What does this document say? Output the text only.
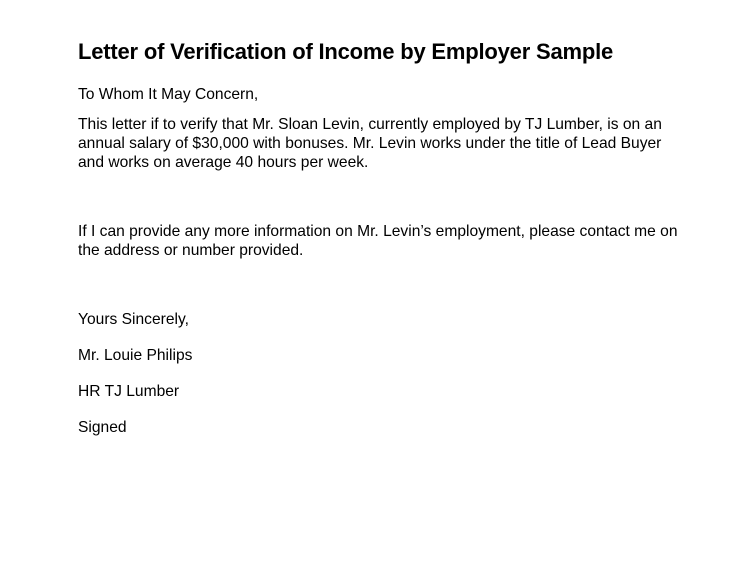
Letter of Verification of Income by Employer Sample

To Whom It May Concern,

This letter if to verify that Mr. Sloan Levin, currently employed by TJ Lumber, is on an annual salary of $30,000 with bonuses. Mr. Levin works under the title of Lead Buyer and works on average 40 hours per week.

If I can provide any more information on Mr. Levin’s employment, please contact me on the address or number provided.

Yours Sincerely,

Mr. Louie Philips

HR TJ Lumber

Signed
